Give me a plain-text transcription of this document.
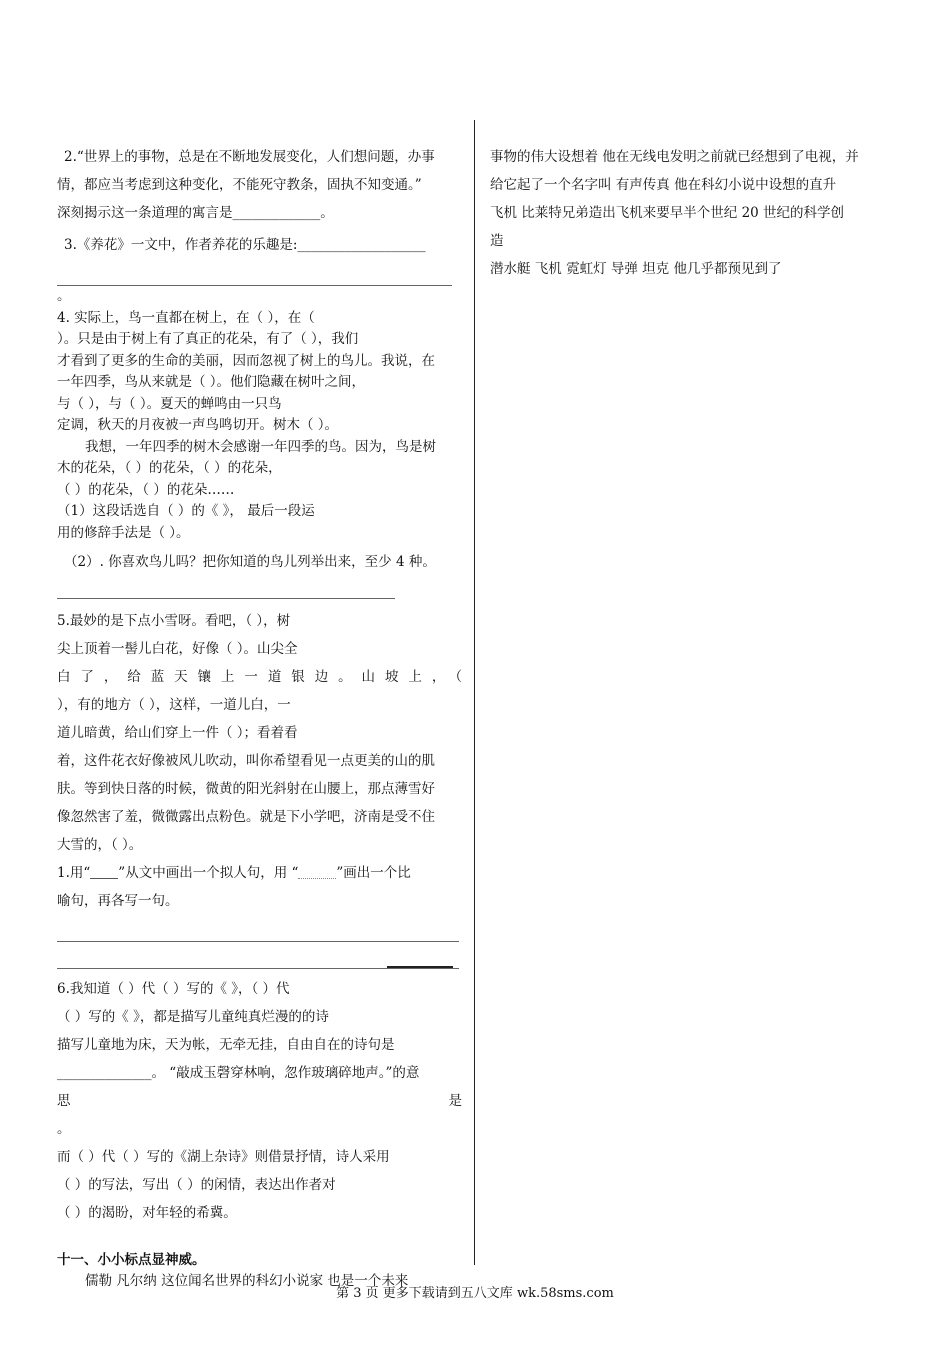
2.“世界上的事物，总是在不断地发展变化，人们想问题，办事

情，都应当考虑到这种变化，不能死守教条，固执不知变通。”

深刻揭示这一条道理的寓言是_____________。

3.《养花》一文中，作者养花的乐趣是:___________________

。

4. 实际上，鸟一直都在树上，在（ ），在（

）。只是由于树上有了真正的花朵，有了（ ），我们

才看到了更多的生命的美丽，因而忽视了树上的鸟儿。我说，在

一年四季，鸟从来就是（ ）。他们隐藏在树叶之间，

与（ ），与（ ）。夏天的蝉鸣由一只鸟

定调，秋天的月夜被一声鸟鸣切开。树木（ ）。

我想，一年四季的树木会感谢一年四季的鸟。因为，鸟是树

木的花朵，（ ）的花朵，（ ）的花朵，

（ ）的花朵，（ ）的花朵……

（1）这段话选自（ ）的《 》， 最后一段运

用的修辞手法是（ ）。

（2）. 你喜欢鸟儿吗？把你知道的鸟儿列举出来，至少 4 种。

5.最妙的是下点小雪呀。看吧，（ ），树

尖上顶着一髻儿白花，好像（ ）。山尖全

白了，给蓝天镶上一道银边。山坡上，（

），有的地方（ ），这样，一道儿白，一

道儿暗黄，给山们穿上一件（ ）；看着看

着，这件花衣好像被风儿吹动，叫你希望看见一点更美的山的肌

肤。等到快日落的时候，微黄的阳光斜射在山腰上，那点薄雪好

像忽然害了羞，微微露出点粉色。就是下小学吧，济南是受不住

大雪的，（ ）。

1.用“ ”从文中画出一个拟人句，用 “	”画出一个比

喻句，再各写一句。

6.我知道（ ）代（ ）写的《 》，（ ）代

（ ）写的《 》，都是描写儿童纯真烂漫的的诗

描写儿童地为床，天为帐，无牵无挂，自由自在的诗句是

______________。 “敲成玉磬穿林响，忽作玻璃碎地声。”的意

思	是

。

而（ ）代（ ）写的《湖上杂诗》则借景抒情，诗人采用

（ ）的写法，写出（ ）的闲情，表达出作者对

（ ）的渴盼，对年轻的希冀。

十一、小小标点显神威。

儒勒 凡尔纳 这位闻名世界的科幻小说家 也是一个未来

事物的伟大设想着 他在无线电发明之前就已经想到了电视，并

给它起了一个名字叫 有声传真 他在科幻小说中设想的直升

飞机 比莱特兄弟造出飞机来要早半个世纪 20 世纪的科学创

造

潜水艇 飞机 霓虹灯 导弹 坦克 他几乎都预见到了

第 3 页 更多下载请到五八文库 wk.58sms.com
